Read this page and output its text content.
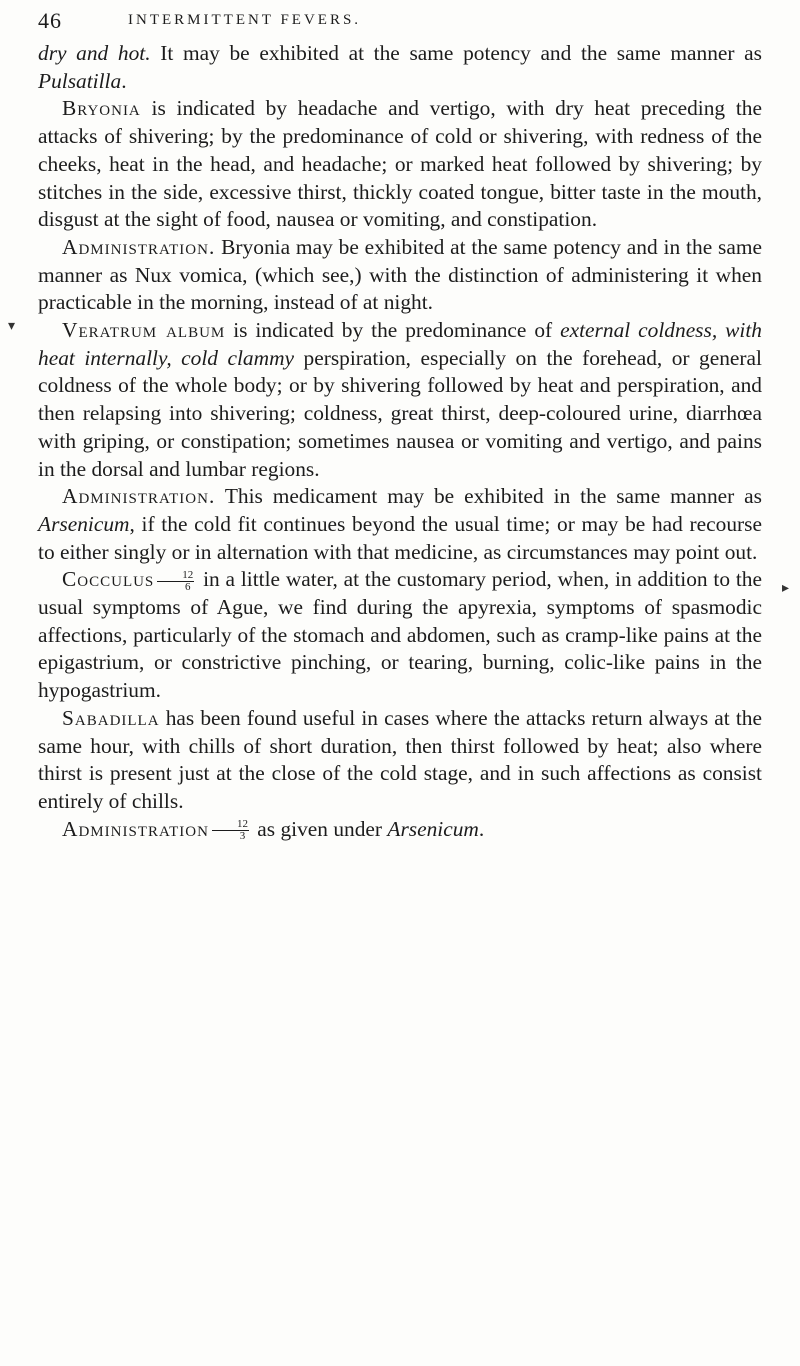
46	INTERMITTENT FEVERS.

dry and hot. It may be exhibited at the same potency and the same manner as Pulsatilla.

Bryonia is indicated by headache and vertigo, with dry heat preceding the attacks of shivering; by the predominance of cold or shivering, with redness of the cheeks, heat in the head, and headache; or marked heat followed by shivering; by stitches in the side, excessive thirst, thickly coated tongue, bitter taste in the mouth, disgust at the sight of food, nausea or vomiting, and constipation.

Administration. Bryonia may be exhibited at the same potency and in the same manner as Nux vomica, (which see,) with the distinction of administering it when practicable in the morning, instead of at night.

Veratrum album is indicated by the predominance of external coldness, with heat internally, cold clammy perspiration, especially on the forehead, or general coldness of the whole body; or by shivering followed by heat and perspiration, and then relapsing into shivering; coldness, great thirst, deep-coloured urine, diarrhœa with griping, or constipation; sometimes nausea or vomiting and vertigo, and pains in the dorsal and lumbar regions.

Administration. This medicament may be exhibited in the same manner as Arsenicum, if the cold fit continues beyond the usual time; or may be had recourse to either singly or in alternation with that medicine, as circumstances may point out.

Cocculus $\frac{12}{6}$ in a little water, at the customary period, when, in addition to the usual symptoms of Ague, we find during the apyrexia, symptoms of spasmodic affections, particularly of the stomach and abdomen, such as cramp-like pains at the epigastrium, or constrictive pinching, or tearing, burning, colic-like pains in the hypogastrium.

Sabadilla has been found useful in cases where the attacks return always at the same hour, with chills of short duration, then thirst followed by heat; also where thirst is present just at the close of the cold stage, and in such affections as consist entirely of chills.

Administration $\frac{12}{3}$ as given under Arsenicum.

▾
▸
